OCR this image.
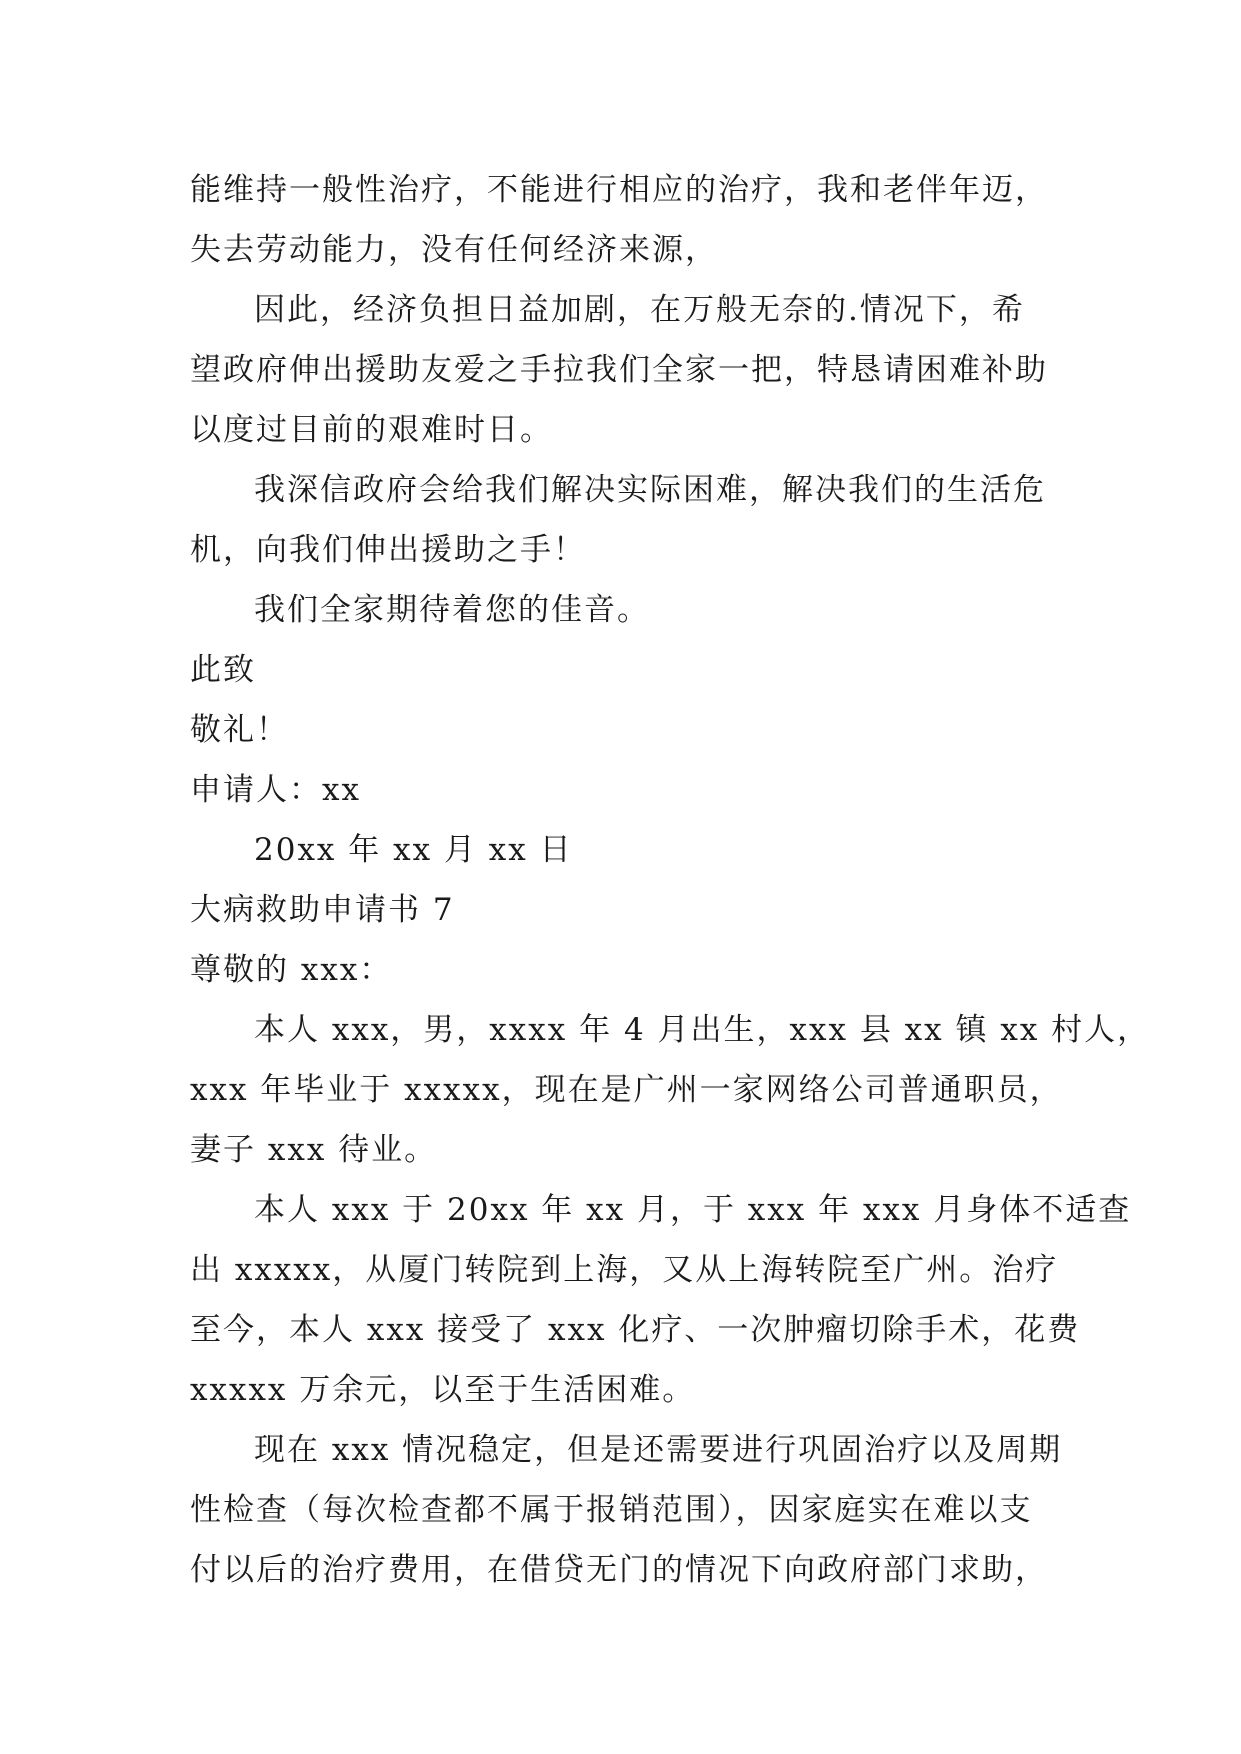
能维持一般性治疗，不能进行相应的治疗，我和老伴年迈，
失去劳动能力，没有任何经济来源，
因此，经济负担日益加剧，在万般无奈的.情况下，希
望政府伸出援助友爱之手拉我们全家一把，特恳请困难补助
以度过目前的艰难时日。
我深信政府会给我们解决实际困难，解决我们的生活危
机，向我们伸出援助之手！
我们全家期待着您的佳音。
此致
敬礼！
申请人：xx
20xx 年 xx 月 xx 日
大病救助申请书 7
尊敬的 xxx：
本人 xxx，男，xxxx 年 4 月出生，xxx 县 xx 镇 xx 村人，
xxx 年毕业于 xxxxx，现在是广州一家网络公司普通职员，
妻子 xxx 待业。
本人 xxx 于 20xx 年 xx 月，于 xxx 年 xxx 月身体不适查
出 xxxxx，从厦门转院到上海，又从上海转院至广州。治疗
至今，本人 xxx 接受了 xxx 化疗、一次肿瘤切除手术，花费
xxxxx 万余元，以至于生活困难。
现在 xxx 情况稳定，但是还需要进行巩固治疗以及周期
性检查（每次检查都不属于报销范围），因家庭实在难以支
付以后的治疗费用，在借贷无门的情况下向政府部门求助，
